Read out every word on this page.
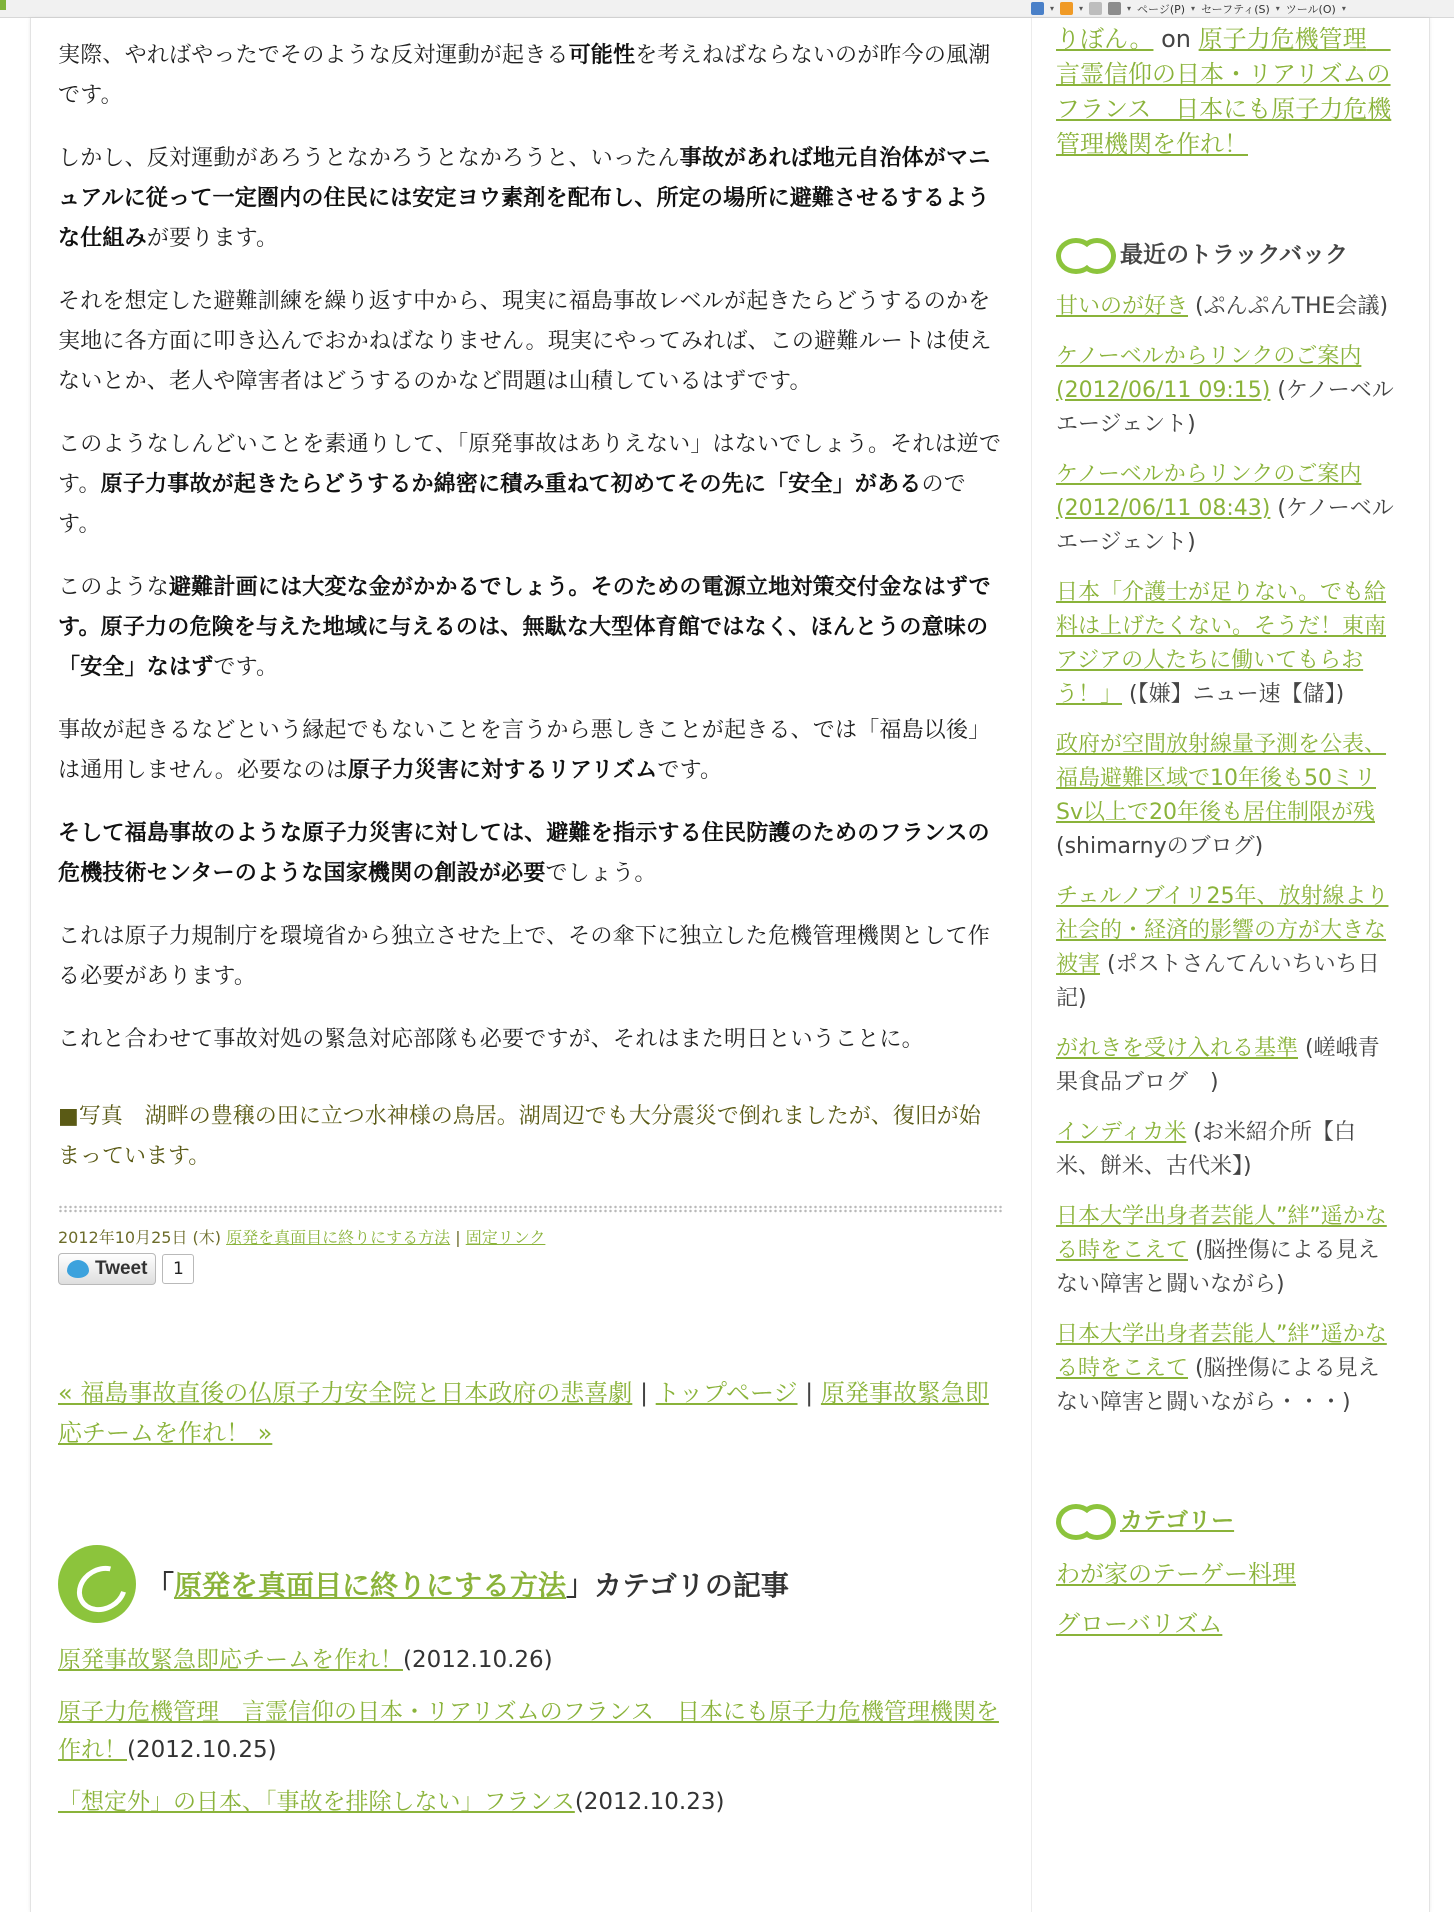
▾	▾	▾ ページ(P) ▾ セーフティ(S) ▾ ツール(O) ▾

実際、やればやったでそのような反対運動が起きる可能性を考えねばならないのが昨今の風潮です。

しかし、反対運動があろうとなかろうとなかろうと、いったん事故があれば地元自治体がマニュアルに従って一定圏内の住民には安定ヨウ素剤を配布し、所定の場所に避難させるするような仕組みが要ります。

それを想定した避難訓練を繰り返す中から、現実に福島事故レベルが起きたらどうするのかを実地に各方面に叩き込んでおかねばなりません。現実にやってみれば、この避難ルートは使えないとか、老人や障害者はどうするのかなど問題は山積しているはずです。

このようなしんどいことを素通りして、「原発事故はありえない」はないでしょう。それは逆です。原子力事故が起きたらどうするか綿密に積み重ねて初めてその先に「安全」があるのです。

このような避難計画には大変な金がかかるでしょう。そのための電源立地対策交付金なはずです。原子力の危険を与えた地域に与えるのは、無駄な大型体育館ではなく、ほんとうの意味の「安全」なはずです。

事故が起きるなどという縁起でもないことを言うから悪しきことが起きる、では「福島以後」は通用しません。必要なのは原子力災害に対するリアリズムです。

そして福島事故のような原子力災害に対しては、避難を指示する住民防護のためのフランスの危機技術センターのような国家機関の創設が必要でしょう。

これは原子力規制庁を環境省から独立させた上で、その傘下に独立した危機管理機関として作る必要があります。

これと合わせて事故対処の緊急対応部隊も必要ですが、それはまた明日ということに。

■写真　湖畔の豊穣の田に立つ水神様の鳥居。湖周辺でも大分震災で倒れましたが、復旧が始まっています。

2012年10月25日 (木) 原発を真面目に終りにする方法 | 固定リンク
Tweet	1
« 福島事故直後の仏原子力安全院と日本政府の悲喜劇 | トップページ | 原発事故緊急即応チームを作れ！ »
「 原発を真面目に終りにする方法 」カテゴリの記事

原発事故緊急即応チームを作れ！(2012.10.26)

原子力危機管理　言霊信仰の日本・リアリズムのフランス　日本にも原子力危機管理機関を作れ！(2012.10.25)

「想定外」の日本、「事故を排除しない」フランス(2012.10.23)

りぼん。 on 原子力危機管理　言霊信仰の日本・リアリズムのフランス　日本にも原子力危機管理機関を作れ！
最近のトラックバック
甘いのが好き (ぷんぷんTHE会議)
ケノーベルからリンクのご案内(2012/06/11 09:15) (ケノーベル エージェント)
ケノーベルからリンクのご案内(2012/06/11 08:43) (ケノーベル エージェント)
日本「介護士が足りない。でも給料は上げたくない。そうだ！東南アジアの人たちに働いてもらおう！」 (【嫌】ニュー速【儲】)
政府が空間放射線量予測を公表、福島避難区域で10年後も50ミリSv以上で20年後も居住制限が残 (shimarnyのブログ)
チェルノブイリ25年、放射線より社会的・経済的影響の方が大きな被害 (ポストさんてんいちいち日記)
がれきを受け入れる基準 (嵯峨青果食品ブログ　)
インディカ米 (お米紹介所【白米、餅米、古代米】)
日本大学出身者芸能人”絆”遥かなる時をこえて (脳挫傷による見えない障害と闘いながら)
日本大学出身者芸能人”絆”遥かなる時をこえて (脳挫傷による見えない障害と闘いながら・・・)
カテゴリー
わが家のテーゲー料理
グローバリズム
